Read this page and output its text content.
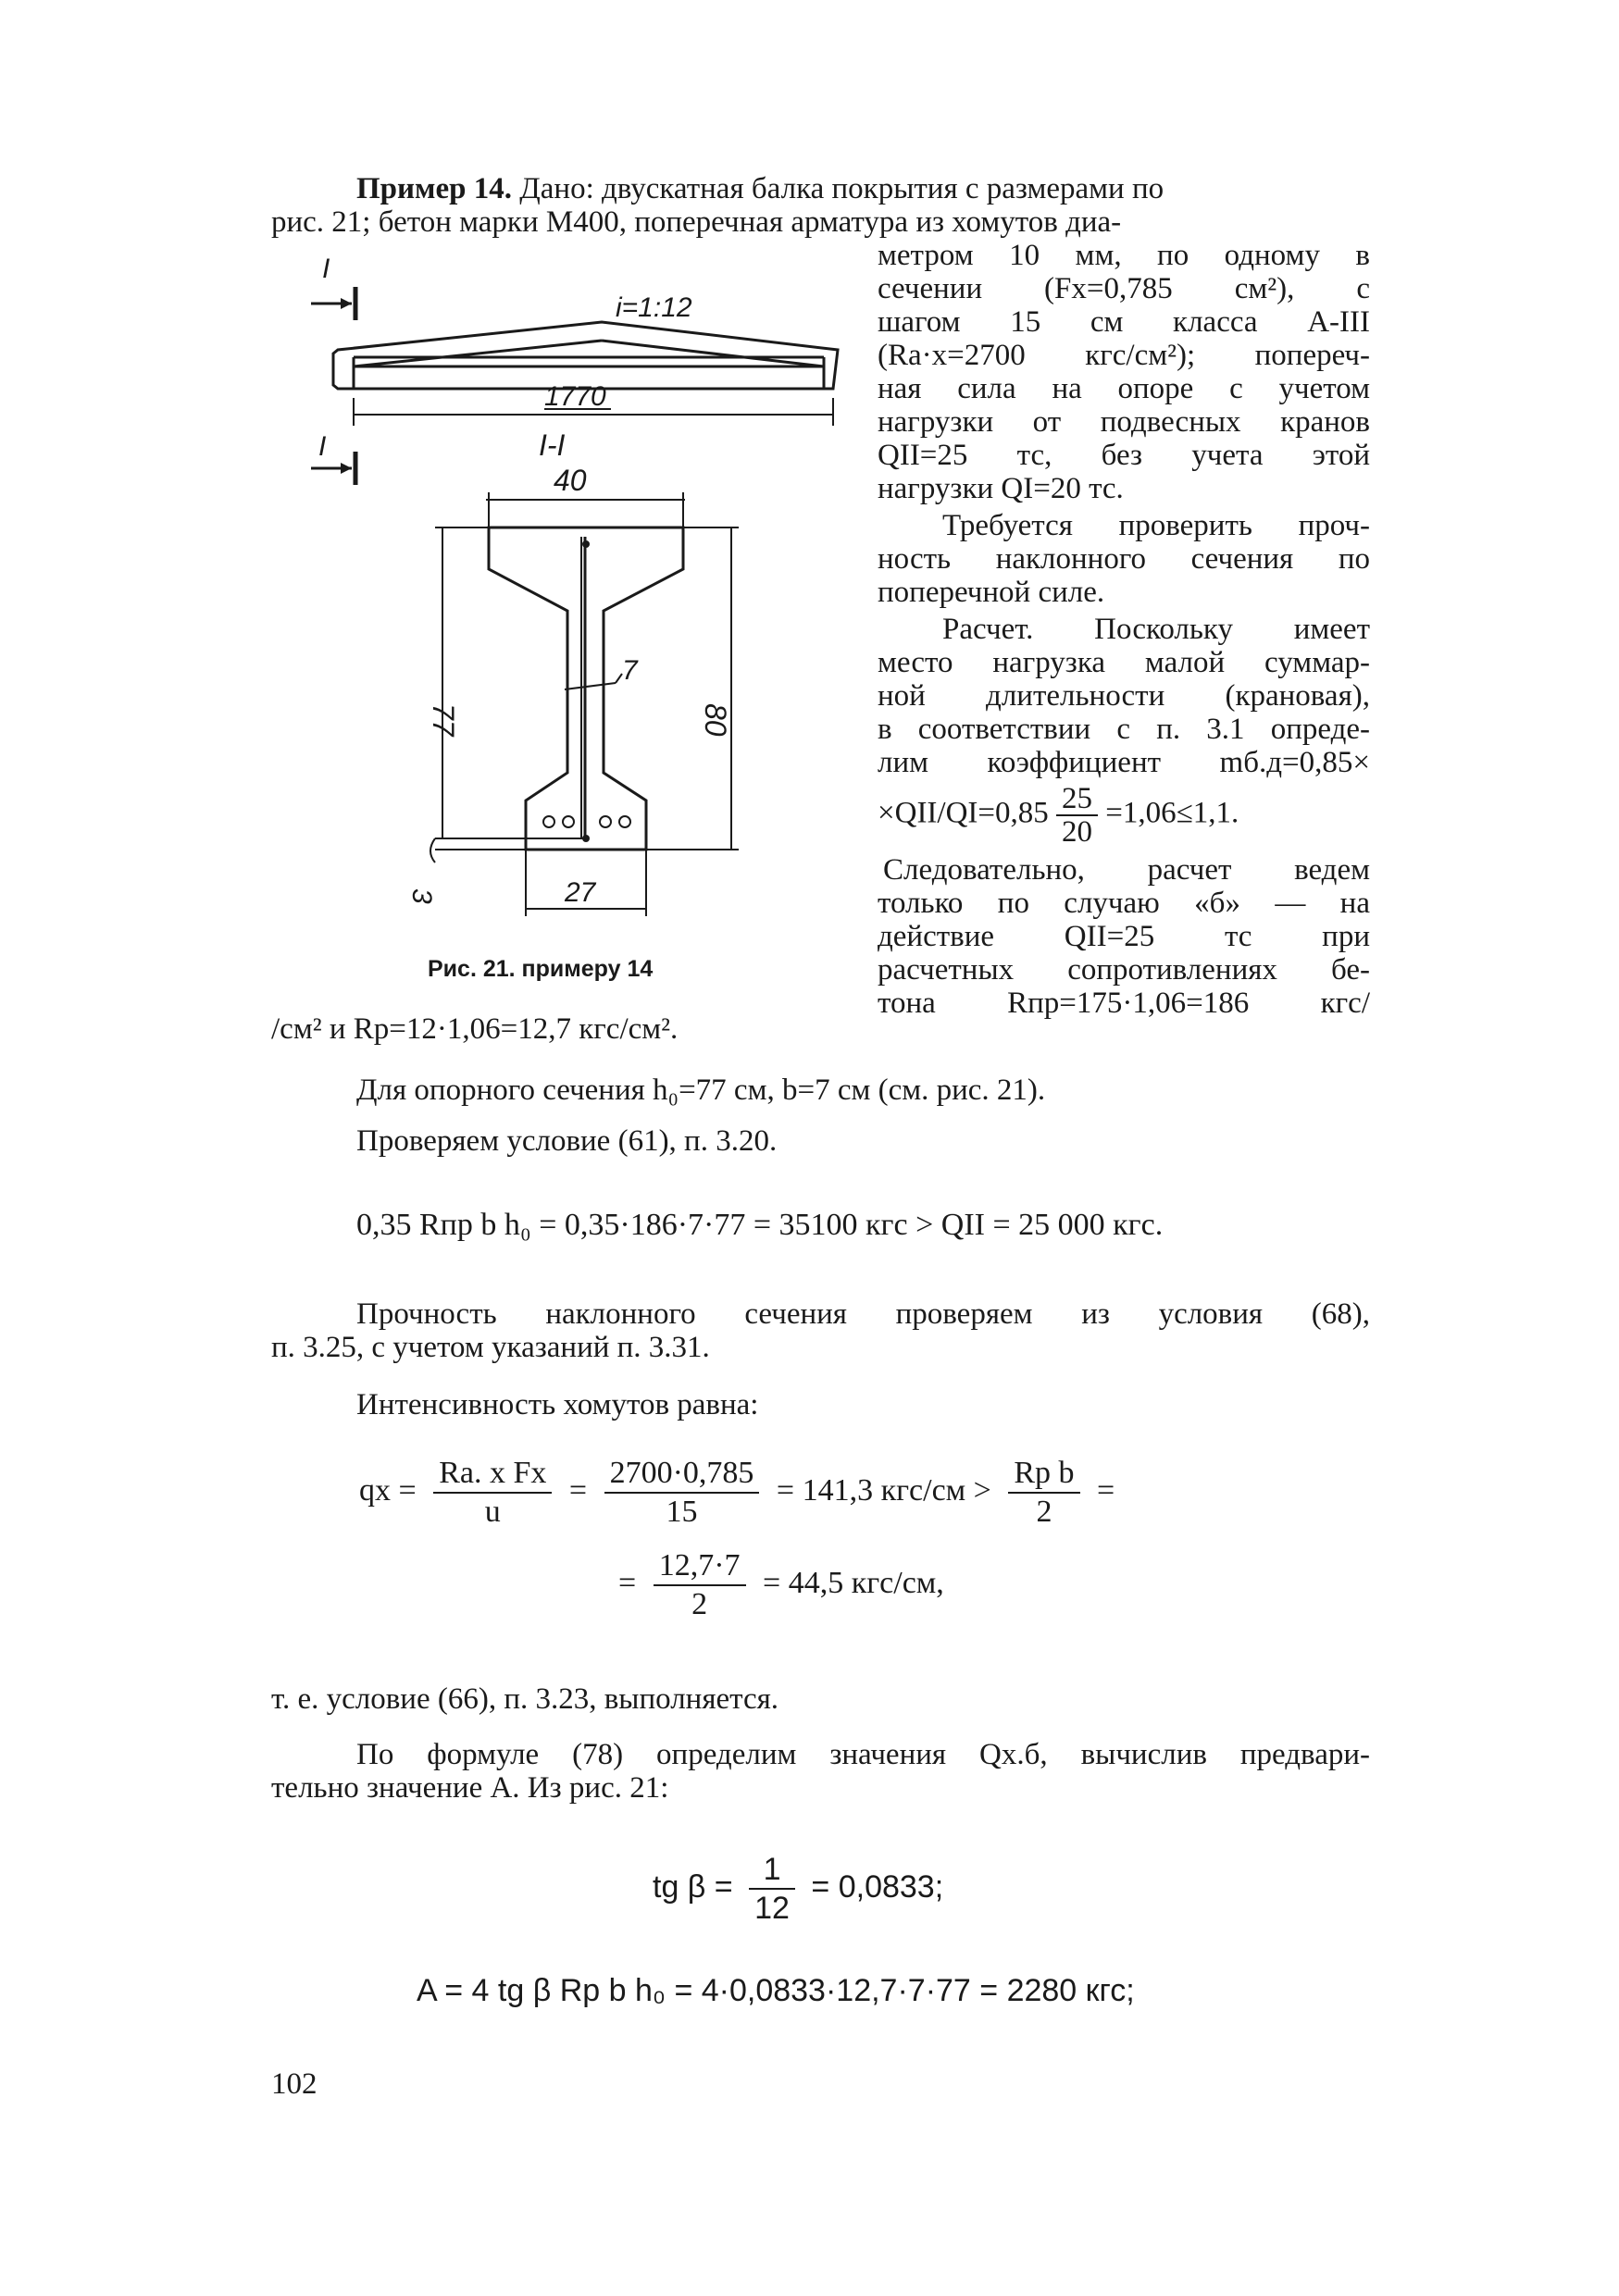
Пример 14. Дано: двускатная балка покрытия с размерами по
рис. 21; бетон марки М400, поперечная арматура из хомутов диа-
метром 10 мм, по одному в
сечении (Fх=0,785 см²), с
шагом 15 см класса А-III
(Rа·х=2700 кгс/см²); попереч-
ная сила на опоре с учетом
нагрузки от подвесных кранов
QII=25 тс, без учета этой
нагрузки QI=20 тс.
Требуется проверить проч-
ность наклонного сечения по
поперечной силе.
Расчет. Поскольку имеет
место нагрузка малой суммар-
ной длительности (крановая),
в соответствии с п. 3.1 опреде-
лим коэффициент mб.д=0,85×
$\times QII/QI=0,85 \frac{25}{20} =1,06\le 1,1$.
Следовательно, расчет ведем
только по случаю «б» — на
действие QII=25 тс при
расчетных сопротивлениях бе-
тона Rпр=175·1,06=186 кгс/
I
i=1:12
1770
I	I-I
40
7
77	80
3	27
Рис. 21. примеру 14
/см² и Rр=12·1,06=12,7 кгс/см².
Для опорного сечения h₀=77 см, b=7 см (см. рис. 21).
Проверяем условие (61), п. 3.20.
0,35 Rпр b h₀ = 0,35·186·7·77 = 35100 кгс > QII = 25 000 кгс.
Прочность наклонного сечения проверяем из условия (68),
п. 3.25, с учетом указаний п. 3.31.
Интенсивность хомутов равна:
qх = $\frac{\text{Rа. х Fх}}{u} = \frac{2700\cdot 0,785}{15} = 141,3$ $кгс/см > \frac{\text{Rр b}}{2}$ =
= $\frac{12,7\cdot 7}{2} = 44,5$ кгс/см,
т. е. условие (66), п. 3.23, выполняется.
По формуле (78) определим значения Qх.б, вычислив предвари-
тельно значение А. Из рис. 21:
tg $\beta = \frac{1}{12} = 0,0833$;
A = 4 tg β Rр b h₀ = 4·0,0833·12,7·7·77 = 2280 кгс;
102
